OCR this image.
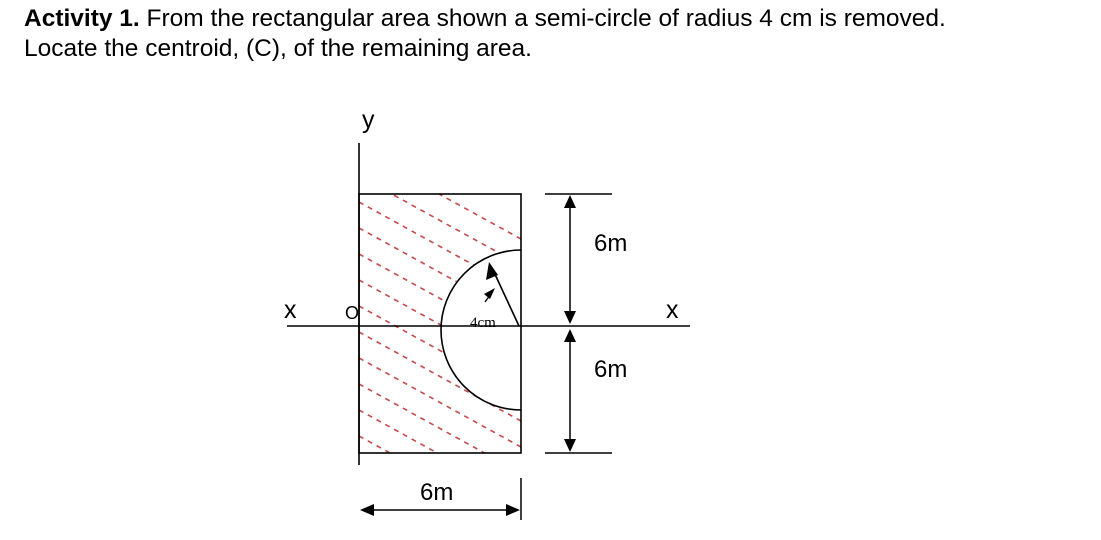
Activity 1. From the rectangular area shown a semi-circle of radius 4 cm is removed.
Locate the centroid, (C), of the remaining area.
y
x	x
O	4cm
6m
6m
6m
